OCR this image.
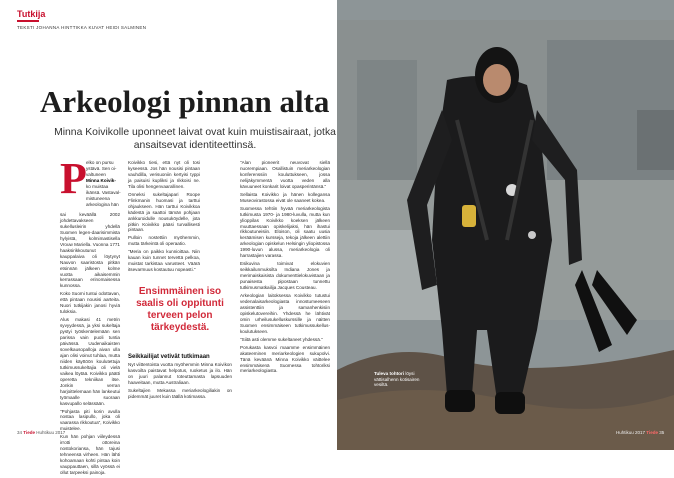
Tutkija
TEKSTI JOHANNA HINTTIKKA KUVAT HEIDI SALMINEN
Arkeologi pinnan alta
Minna Koivikolle uponneet laivat ovat kuin muistisairaat, jotka ansaitsevat identiteettinsä.
P elko on pursu

ystävä. Sen oi-

valtuneen

Minna Koivik-

ko muistaa

ikänsä. Vastaval-

mistuneena

arkeologina hän

sai keväällä 2002 johdettavakseen sukellusleirin yhdellä Suomen legen-daarisimmista hylyistä, kolmimastisella Vrouw Mariella. Vuonna 1771 haaksirikkoutunut kauppalaiva oli löytynyt Nauvon saaristosta pitkän etsinnän jälkeen kolme vuotta aikaisemmin kerrassaan erinomaisessa kunnossa.

Koko Suomi tuntui odottavan, että pintaan nousisi aarteita. Nuori tutkijakin janosi hyviä tuloksia.

Alus makasi 41 metrin syvyydessä, ja yksi sukeltaja pystyi työskentelemään sen parissa vain puoli tuntia päivässä. Uudenaikaisten sovelkausopalloja aivan ulla ajan olisi voinut tuhlaa, mutta niiden käyttöön koulutettuja tutkimussukeltajia oli vielä vaikea löytää. Koivikko päätti operetta tekniikan itse. Jonkin verran harjoittelemaan hän lankeutui työmaalle suoraan kasvupallo selässään.

"Pohjasta piti korin avulla nostaa lasipullo, joka oli vaarassa rikkoutua", Koivikko muistelee.

Kun hän pohjan viileydessä irrotti ottoreina nostokoriansa, hän tajusi tehneensä virheen. Hän lähti kohoamaan kohti pintaa koin vauppauttaen, sillä vyössä ei ollut tarpeeksi painoja.

Koivikko tiesi, että nyt oli tosi kyseessä. Jos hän nousisi pintaan vauhdilla, verisuoniin kertyisi typpi ja paisuisi kupliksi ja rikkoisi ne. Tila olisi hengenvaarallinen.

Onneksi sukeltajapari Roope Flinkmanin huomasi ja tarttui ohjaukseen. Hän tarttui Koivikkoa kädestä ja saattoi tämän pohjaan ankkuroidulle nousuköydelle, jota pitkin Koivikko pääsi turvallisesti pintaan.

Pulloin nostettiin myöhemmin, mutta tärkeintä oli operaatio.

"Meria on paikko kunnioittaa. Niin kauan kuin tunnet tervettä pelkoa, muistat tarkistaa varusteet. Väärä itsevarmuus kostautuu nopeasti."

Ensimmäinen iso saalis oli oppitunti terveen pelon tärkeydestä.
Seikkailijat vetivät tutkimaan

Nyt viittentoista vuotta myöhemmin Minna Koivikon kasvoilta paistavat helpotus, ruoketus ja ilo. Hän on juuri palannut toteuttamasta lapsuuden haaveitaan, mutta Australiaan.

Sukeltajien Mekassa meriarkeologiliakin on pidemmät juuret kuin täällä kotimassa.

"Alan pioneerit neuvovat siellä nuorempiaan. Osallistuin meriarkeologian konferenssiin kouluttukseen, jossa nelijäkymmentä vuotta veden alla kävuuneet konkarit loivat opasperintänsä."

Sellaista Koivikko ja hänen kollegansa Museovirastossa eivät ole saaneet kokea.

Suomessa tehtiin hyvää meriarkeologista tutkimusta 1970- ja 1980-luvulla, mutta kun ylioppilas Koivikko koeksen jälkeen muuttaessaan opiskelijaksi, hän ihastui rikkoutuneisiin. Eloison, oli saatu uusia keräämisen kursseja, tekoja jälkeen alettiin arkeologian opiskelun Helsingin yliopistossa 1990-luvun alussa, meriarkeologia oli harrastajien varassa.

Esikuvina toimivat elokuvien seikkailunmuksilta Indiana Jones ja merimaiskaisista dokumenttielokuvistaan ja punaisesta pipostaan tunnettu tutkimusmatkailija Jacques Cousteau.

Arkeologian laitoksessa Koivikko tutustui vedenalaisarkeologiasta innostumeeseen assistenttiin ja samanhenkisiin opiskelutovereihin. Yhdessä he lähtivät omin urheilusukelluskurssille ja näitten Suomen ensimmäiseen tutkimussukelluskoulutukseen.

"Siitä asti olemme sukeltaneet yhdessä."

Porukasta kasvoi maamme ensimmäinen akateeminen meriarkeologien sukupolvi. Tänä keväänä Minna Koivikko väittelee ensimmäisenä Suomessa tohtoriksi meriarkeologiasta.

Tuleva tohtori löysi vättisalhenn kotisairen vesiltä.
34 Tiede Huhtikuu 2017	Huhtikuu 2017 Tiede 35
